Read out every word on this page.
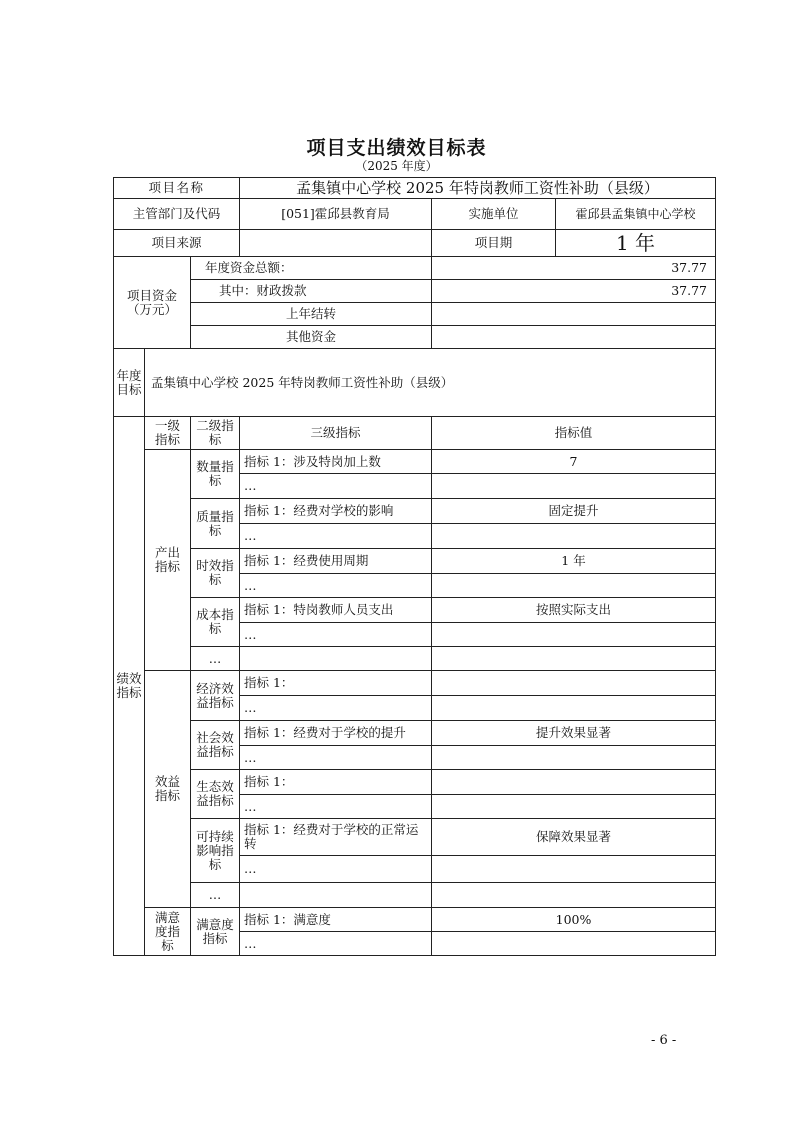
项目支出绩效目标表
（2025 年度）
项目名称			孟集镇中心学校 2025 年特岗教师工资性补助（县级）		
主管部门及代码			[051]霍邱县教育局	实施单位	霍邱县孟集镇中心学校
项目来源				项目期	1 年
项目资金（万元）		年度资金总额：		37.77	
		其中：财政拨款		37.77	
		上年结转			
		其他资金			
年度目标	孟集镇中心学校 2025 年特岗教师工资性补助（县级）				
绩效指标	一级指标	二级指标	三级指标	指标值	
	产出指标	数量指标	指标 1：涉及特岗加上数	7	
			…		
		质量指标	指标 1：经费对学校的影响	固定提升	
			…		
		时效指标	指标 1：经费使用周期	1 年	
			…		
		成本指标	指标 1：特岗教师人员支出	按照实际支出	
			…		
		…			
	效益指标	经济效益指标	指标 1：		
			…		
		社会效益指标	指标 1：经费对于学校的提升	提升效果显著	
			…		
		生态效益指标	指标 1：		
			…		
		可持续影响指标	指标 1：经费对于学校的正常运转	保障效果显著	
			…		
		…			
	满意度指标	满意度指标	指标 1：满意度	100%	
			…		
- 6 -
